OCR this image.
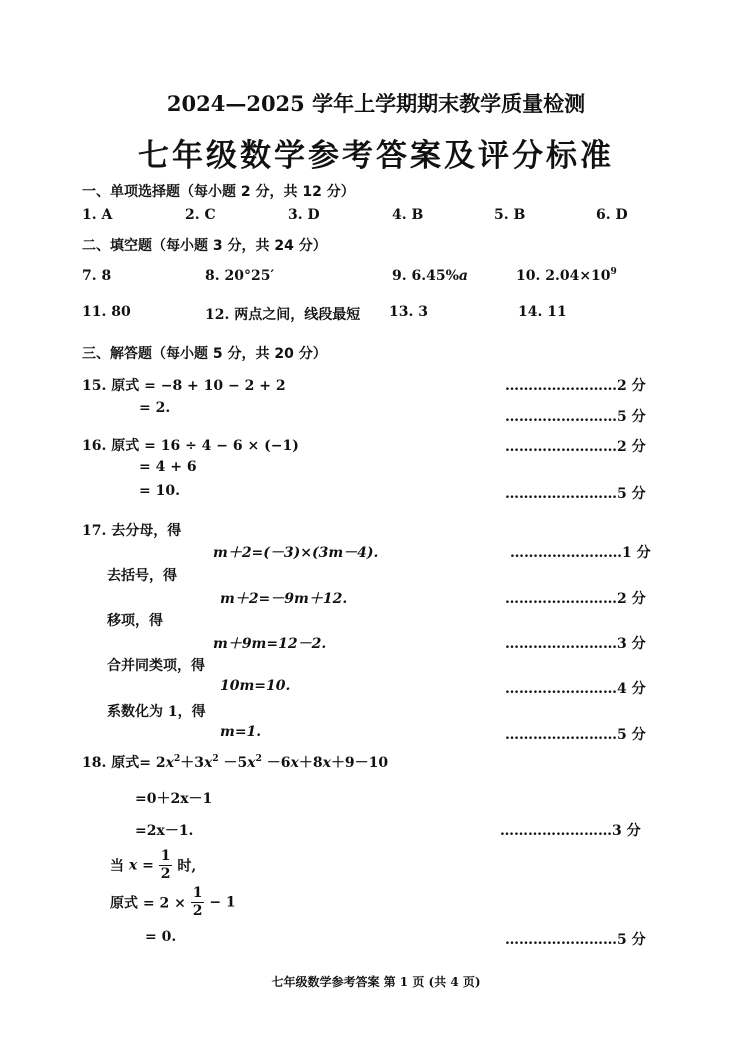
2024—2025 学年上学期期末教学质量检测
七年级数学参考答案及评分标准
一、单项选择题（每小题 2 分，共 12 分）
1. A	2. C	3. D	4. B	5. B	6. D
二、填空题（每小题 3 分，共 24 分）
7. 8	8. 20°25′	9. 6.45%a	10. $2.04\times 10^9$
11. 80	12. 两点之间，线段最短 13. 3	14. 11
三、解答题（每小题 5 分，共 20 分）
15. 原式 = −8 + 10 − 2 + 2	……………………2 分
= 2.
……………………5 分
16. 原式 = 16 ÷ 4 − 6 × (−1)	……………………2 分
= 4 + 6
= 10.	……………………5 分
17. 去分母，得
m＋2=(－3)×(3m－4).	……………………1 分
去括号，得
m＋2=－9m＋12.	……………………2 分
移项，得
m＋9m=12－2.	……………………3 分
合并同类项，得
10m=10.	……………………4 分
系数化为 1，得
m=1.	……………………5 分
18. 原式= $2x^2+3x^2 -5x^2 -6x+8x+9-10$
=0＋2x－1
=2x－1.	……………………3 分
当 $x = \frac{1}{2}$ 时,
原式 = $2 \times \frac{1}{2} - 1$
= 0.	……………………5 分
七年级数学参考答案 第 1 页 (共 4 页)
